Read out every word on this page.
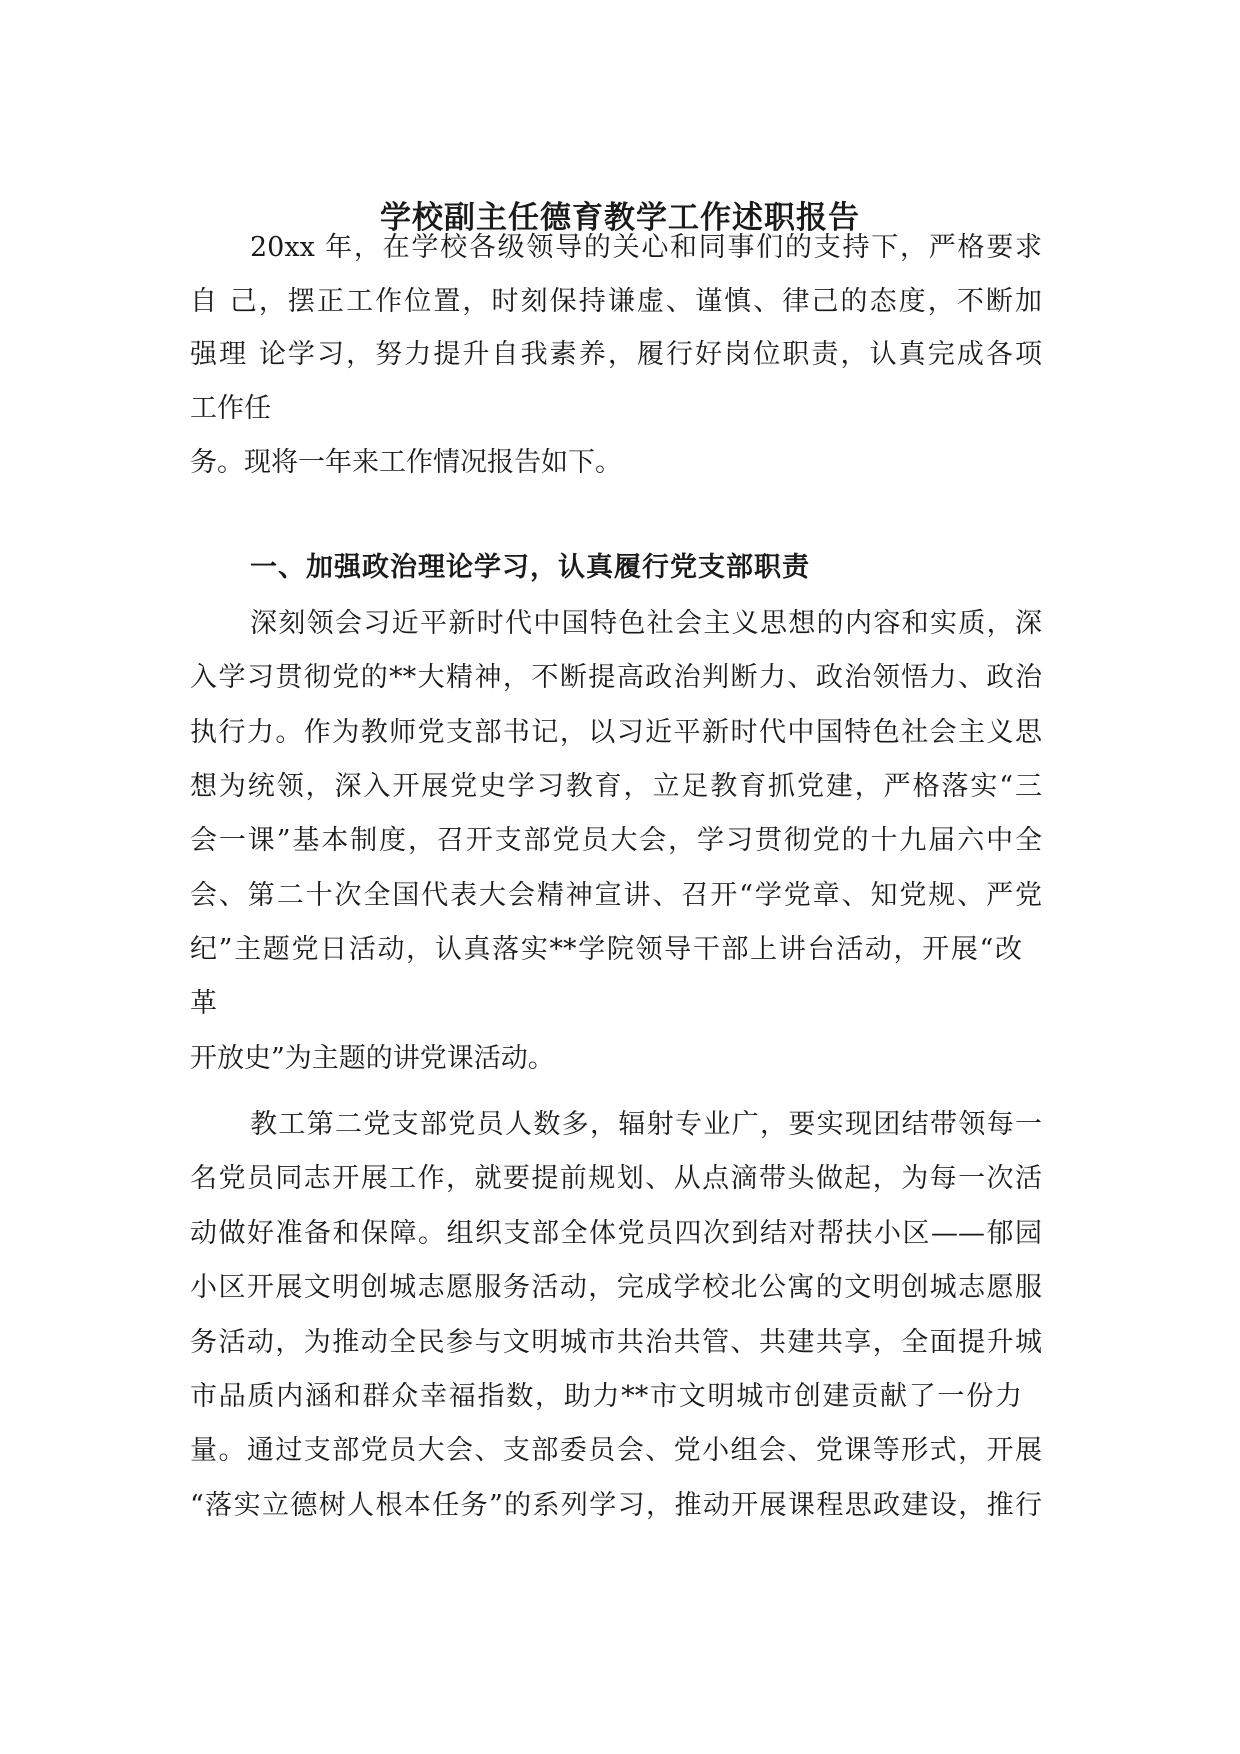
学校副主任德育教学工作述职报告

20xx 年，在学校各级领导的关心和同事们的支持下，严格要求

自 己，摆正工作位置，时刻保持谦虚、谨慎、律己的态度，不断加

强理 论学习，努力提升自我素养，履行好岗位职责，认真完成各项

工作任

务。现将一年来工作情况报告如下。

一、加强政治理论学习，认真履行党支部职责

深刻领会习近平新时代中国特色社会主义思想的内容和实质，深

入学习贯彻党的**大精神，不断提高政治判断力、政治领悟力、政治

执行力。作为教师党支部书记，以习近平新时代中国特色社会主义思

想为统领，深入开展党史学习教育，立足教育抓党建，严格落实“三

会一课”基本制度，召开支部党员大会，学习贯彻党的十九届六中全

会、第二十次全国代表大会精神宣讲、召开“学党章、知党规、严党

纪”主题党日活动，认真落实**学院领导干部上讲台活动，开展“改

革

开放史”为主题的讲党课活动。

教工第二党支部党员人数多，辐射专业广，要实现团结带领每一

名党员同志开展工作，就要提前规划、从点滴带头做起，为每一次活

动做好准备和保障。组织支部全体党员四次到结对帮扶小区——郁园

小区开展文明创城志愿服务活动，完成学校北公寓的文明创城志愿服

务活动，为推动全民参与文明城市共治共管、共建共享，全面提升城

市品质内涵和群众幸福指数，助力**市文明城市创建贡献了一份力

量。通过支部党员大会、支部委员会、党小组会、党课等形式，开展

“落实立德树人根本任务”的系列学习，推动开展课程思政建设，推行
